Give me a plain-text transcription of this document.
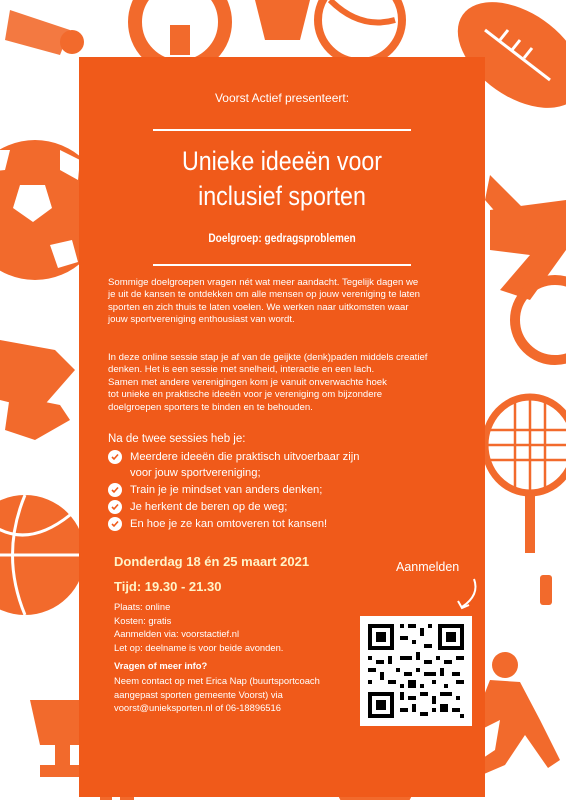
Voorst Actief presenteert:

Unieke ideeën voor
inclusief sporten

Doelgroep: gedragsproblemen

Sommige doelgroepen vragen nét wat meer aandacht. Tegelijk dagen we
je uit de kansen te ontdekken om alle mensen op jouw vereniging te laten
sporten en zich thuis te laten voelen. We werken naar uitkomsten waar
jouw sportvereniging enthousiast van wordt.
In deze online sessie stap je af van de geijkte (denk)paden middels creatief
denken. Het is een sessie met snelheid, interactie en een lach.
Samen met andere verenigingen kom je vanuit onverwachte hoek
tot unieke en praktische ideeën voor je vereniging om bijzondere
doelgroepen sporters te binden en te behouden.

Na de twee sessies heb je:

Meerdere ideeën die praktisch uitvoerbaar zijn
voor jouw sportvereniging;
Train je je mindset van anders denken;
Je herkent de beren op de weg;
En hoe je ze kan omtoveren tot kansen!

Donderdag 18 én 25 maart 2021

Tijd: 19.30 - 21.30

Plaats: online
Kosten: gratis
Aanmelden via: voorstactief.nl
Let op: deelname is voor beide avonden.

Vragen of meer info?

Neem contact op met Erica Nap (buurtsportcoach
aangepast sporten gemeente Voorst) via
voorst@unieksporten.nl of 06-18896516

Aanmelden
